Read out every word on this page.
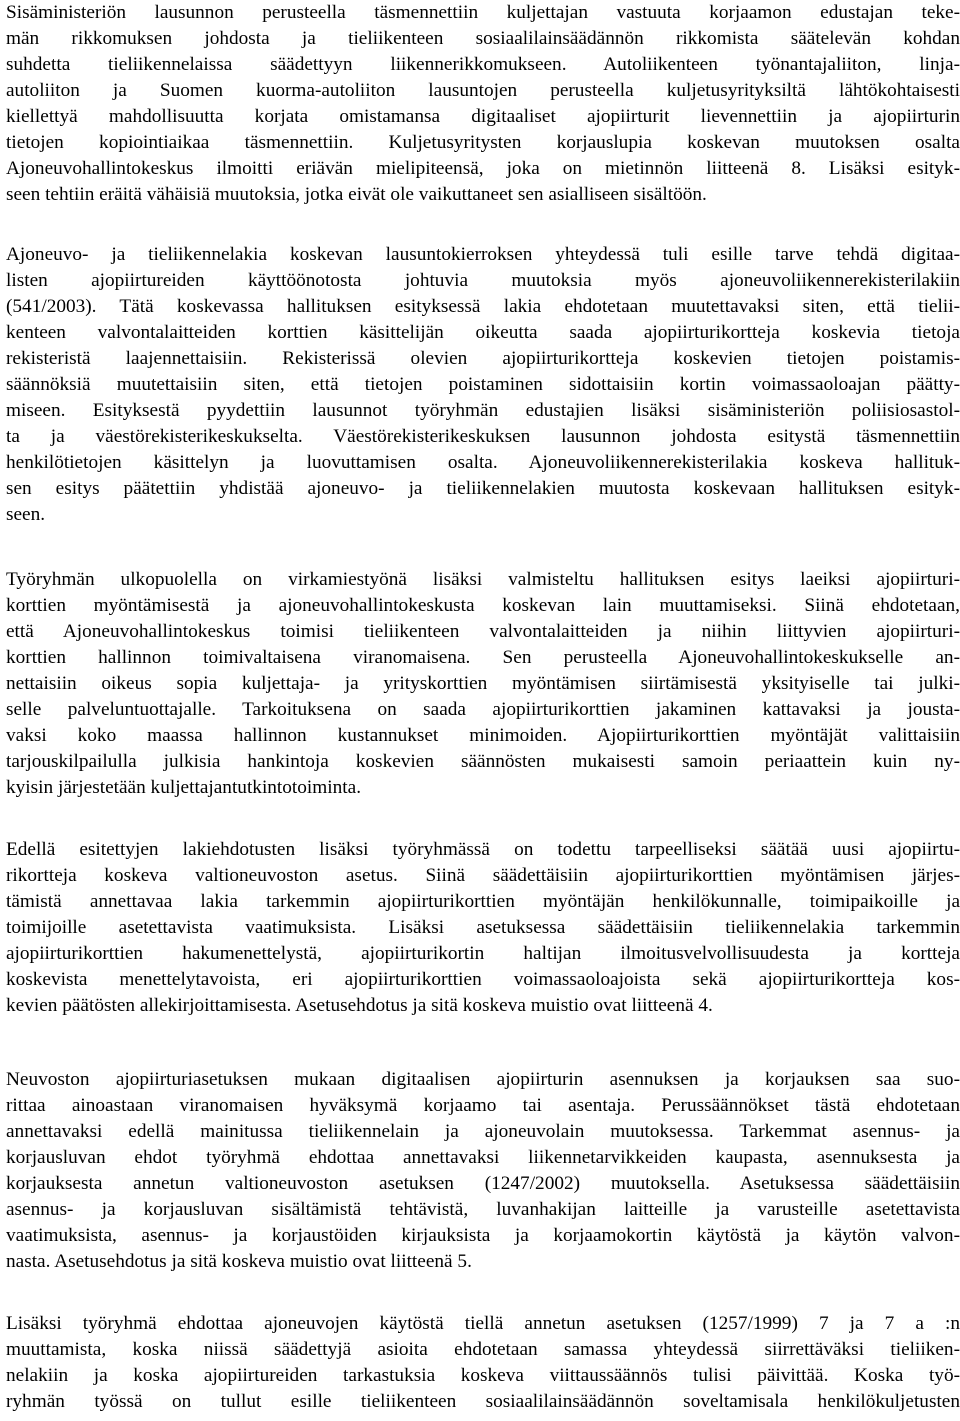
Sisäministeriön lausunnon perusteella täsmennettiin kuljettajan vastuuta korjaamon edustajan teke-
män rikkomuksen johdosta ja tieliikenteen sosiaalilainsäädännön rikkomista säätelevän kohdan
suhdetta tieliikennelaissa säädettyyn liikennerikkomukseen. Autoliikenteen työnantajaliiton, linja-
autoliiton ja Suomen kuorma-autoliiton lausuntojen perusteella kuljetusyrityksiltä lähtökohtaisesti
kiellettyä mahdollisuutta korjata omistamansa digitaaliset ajopiirturit lievennettiin ja ajopiirturin
tietojen kopiointiaikaa täsmennettiin. Kuljetusyritysten korjauslupia koskevan muutoksen osalta
Ajoneuvohallintokeskus ilmoitti eriävän mielipiteensä, joka on mietinnön liitteenä 8. Lisäksi esityk-
seen tehtiin eräitä vähäisiä muutoksia, jotka eivät ole vaikuttaneet sen asialliseen sisältöön.
Ajoneuvo- ja tieliikennelakia koskevan lausuntokierroksen yhteydessä tuli esille tarve tehdä digitaa-
listen ajopiirtureiden käyttöönotosta johtuvia muutoksia myös ajoneuvoliikennerekisterilakiin
(541/2003). Tätä koskevassa hallituksen esityksessä lakia ehdotetaan muutettavaksi siten, että tielii-
kenteen valvontalaitteiden korttien käsittelijän oikeutta saada ajopiirturikortteja koskevia tietoja
rekisteristä laajennettaisiin. Rekisterissä olevien ajopiirturikortteja koskevien tietojen poistamis-
säännöksiä muutettaisiin siten, että tietojen poistaminen sidottaisiin kortin voimassaoloajan päätty-
miseen. Esityksestä pyydettiin lausunnot työryhmän edustajien lisäksi sisäministeriön poliisiosastol-
ta ja väestörekisterikeskukselta. Väestörekisterikeskuksen lausunnon johdosta esitystä täsmennettiin
henkilötietojen käsittelyn ja luovuttamisen osalta. Ajoneuvoliikennerekisterilakia koskeva hallituk-
sen esitys päätettiin yhdistää ajoneuvo- ja tieliikennelakien muutosta koskevaan hallituksen esityk-
seen.
Työryhmän ulkopuolella on virkamiestyönä lisäksi valmisteltu hallituksen esitys laeiksi ajopiirturi-
korttien myöntämisestä ja ajoneuvohallintokeskusta koskevan lain muuttamiseksi. Siinä ehdotetaan,
että Ajoneuvohallintokeskus toimisi tieliikenteen valvontalaitteiden ja niihin liittyvien ajopiirturi-
korttien hallinnon toimivaltaisena viranomaisena. Sen perusteella Ajoneuvohallintokeskukselle an-
nettaisiin oikeus sopia kuljettaja- ja yrityskorttien myöntämisen siirtämisestä yksityiselle tai julki-
selle palveluntuottajalle. Tarkoituksena on saada ajopiirturikorttien jakaminen kattavaksi ja jousta-
vaksi koko maassa hallinnon kustannukset minimoiden. Ajopiirturikorttien myöntäjät valittaisiin
tarjouskilpailulla julkisia hankintoja koskevien säännösten mukaisesti samoin periaattein kuin ny-
kyisin järjestetään kuljettajantutkintotoiminta.
Edellä esitettyjen lakiehdotusten lisäksi työryhmässä on todettu tarpeelliseksi säätää uusi ajopiirtu-
rikortteja koskeva valtioneuvoston asetus. Siinä säädettäisiin ajopiirturikorttien myöntämisen järjes-
tämistä annettavaa lakia tarkemmin ajopiirturikorttien myöntäjän henkilökunnalle, toimipaikoille ja
toimijoille asetettavista vaatimuksista. Lisäksi asetuksessa säädettäisiin tieliikennelakia tarkemmin
ajopiirturikorttien hakumenettelystä, ajopiirturikortin haltijan ilmoitusvelvollisuudesta ja kortteja
koskevista menettelytavoista, eri ajopiirturikorttien voimassaoloajoista sekä ajopiirturikortteja kos-
kevien päätösten allekirjoittamisesta. Asetusehdotus ja sitä koskeva muistio ovat liitteenä 4.
Neuvoston ajopiirturiasetuksen mukaan digitaalisen ajopiirturin asennuksen ja korjauksen saa suo-
rittaa ainoastaan viranomaisen hyväksymä korjaamo tai asentaja. Perussäännökset tästä ehdotetaan
annettavaksi edellä mainitussa tieliikennelain ja ajoneuvolain muutoksessa. Tarkemmat asennus- ja
korjausluvan ehdot työryhmä ehdottaa annettavaksi liikennetarvikkeiden kaupasta, asennuksesta ja
korjauksesta annetun valtioneuvoston asetuksen (1247/2002) muutoksella. Asetuksessa säädettäisiin
asennus- ja korjausluvan sisältämistä tehtävistä, luvanhakijan laitteille ja varusteille asetettavista
vaatimuksista, asennus- ja korjaustöiden kirjauksista ja korjaamokortin käytöstä ja käytön valvon-
nasta. Asetusehdotus ja sitä koskeva muistio ovat liitteenä 5.
Lisäksi työryhmä ehdottaa ajoneuvojen käytöstä tiellä annetun asetuksen (1257/1999) 7 ja 7 a :n
muuttamista, koska niissä säädettyjä asioita ehdotetaan samassa yhteydessä siirrettäväksi tieliiken-
nelakiin ja koska ajopiirtureiden tarkastuksia koskeva viittaussäännös tulisi päivittää. Koska työ-
ryhmän työssä on tullut esille tieliikenteen sosiaalilainsäädännön soveltamisala henkilökuljetusten
